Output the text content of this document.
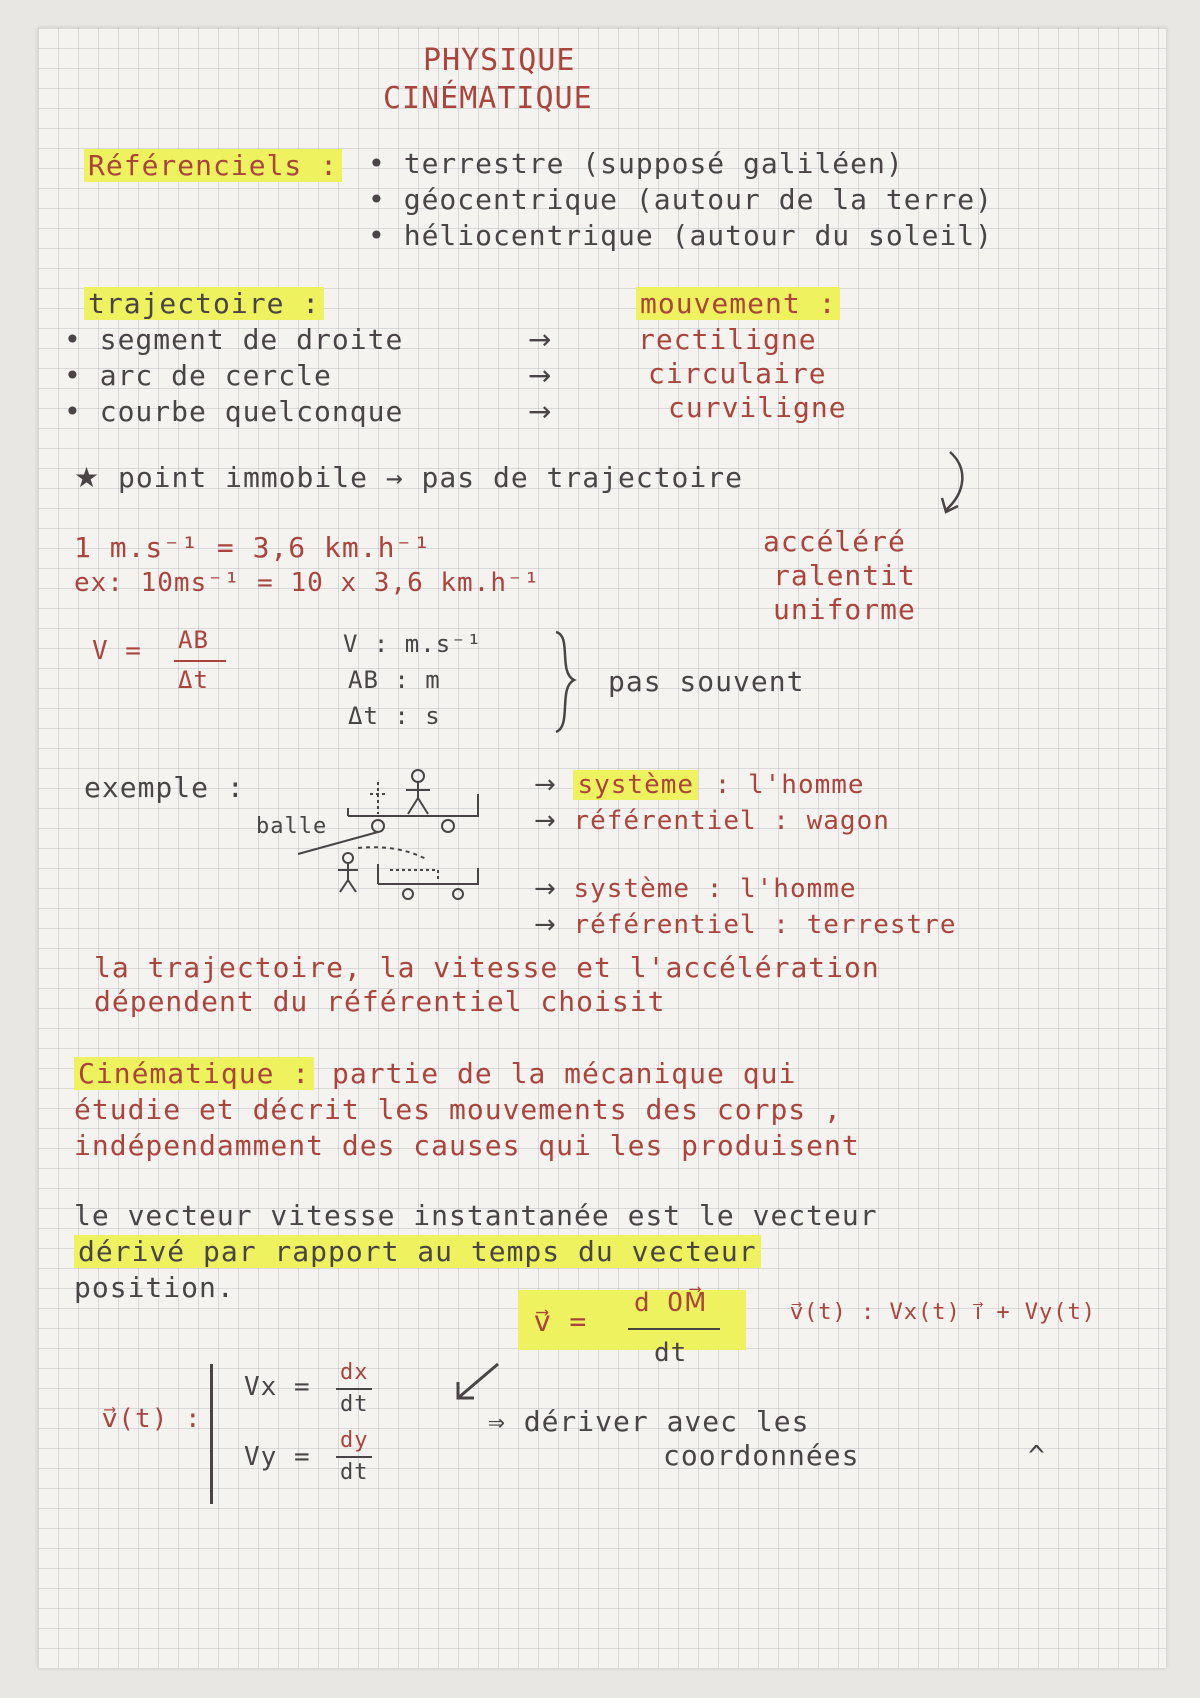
PHYSIQUE
CINÉMATIQUE
Référenciels : • terrestre (supposé galiléen)
• géocentrique (autour de la terre)
• héliocentrique (autour du soleil)
trajectoire :	mouvement :
• segment de droite	→	rectiligne
• arc de cercle	→	circulaire
• courbe quelconque	→	curviligne
★ point immobile → pas de trajectoire
accéléré
ralentit
uniforme
1 m.s⁻¹ = 3,6 km.h⁻¹
ex: 10ms⁻¹ = 10 x 3,6 km.h⁻¹
V = AB
Δt
V : m.s⁻¹
AB : m
Δt : s
pas souvent
exemple :
balle
→ système : l'homme
→ référentiel : wagon
→ système : l'homme
→ référentiel : terrestre
la trajectoire, la vitesse et l'accélération
dépendent du référentiel choisit
Cinématique : partie de la mécanique qui
étudie et décrit les mouvements des corps ,
indépendamment des causes qui les produisent
le vecteur vitesse instantanée est le vecteur
dérivé par rapport au temps du vecteur
position.
v⃗ =
d OM⃗
dt
v⃗(t) : Vx(t) i⃗ + Vy(t)
v⃗(t) :
Vx = dx
dt
Vy =
dy
dt
⇒ dériver avec les
coordonnées	^
